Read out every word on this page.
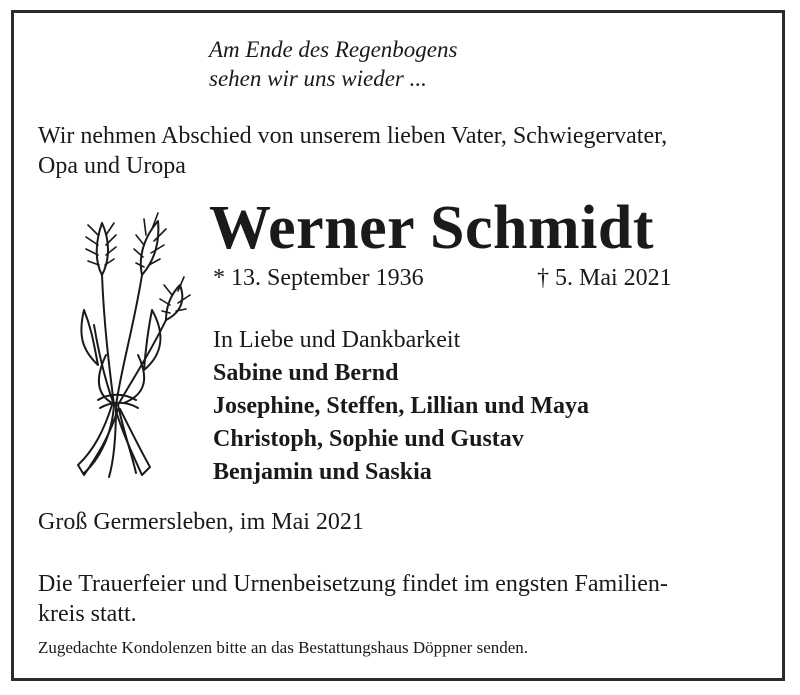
Am Ende des Regenbogens
sehen wir uns wieder ...
Wir nehmen Abschied von unserem lieben Vater, Schwiegervater,
Opa und Uropa
Werner Schmidt
* 13. September 1936	† 5. Mai 2021
In Liebe und Dankbarkeit
Sabine und Bernd
Josephine, Steffen, Lillian und Maya
Christoph, Sophie und Gustav
Benjamin und Saskia
Groß Germersleben, im Mai 2021
Die Trauerfeier und Urnenbeisetzung findet im engsten Familien-
kreis statt.
Zugedachte Kondolenzen bitte an das Bestattungshaus Döppner senden.
